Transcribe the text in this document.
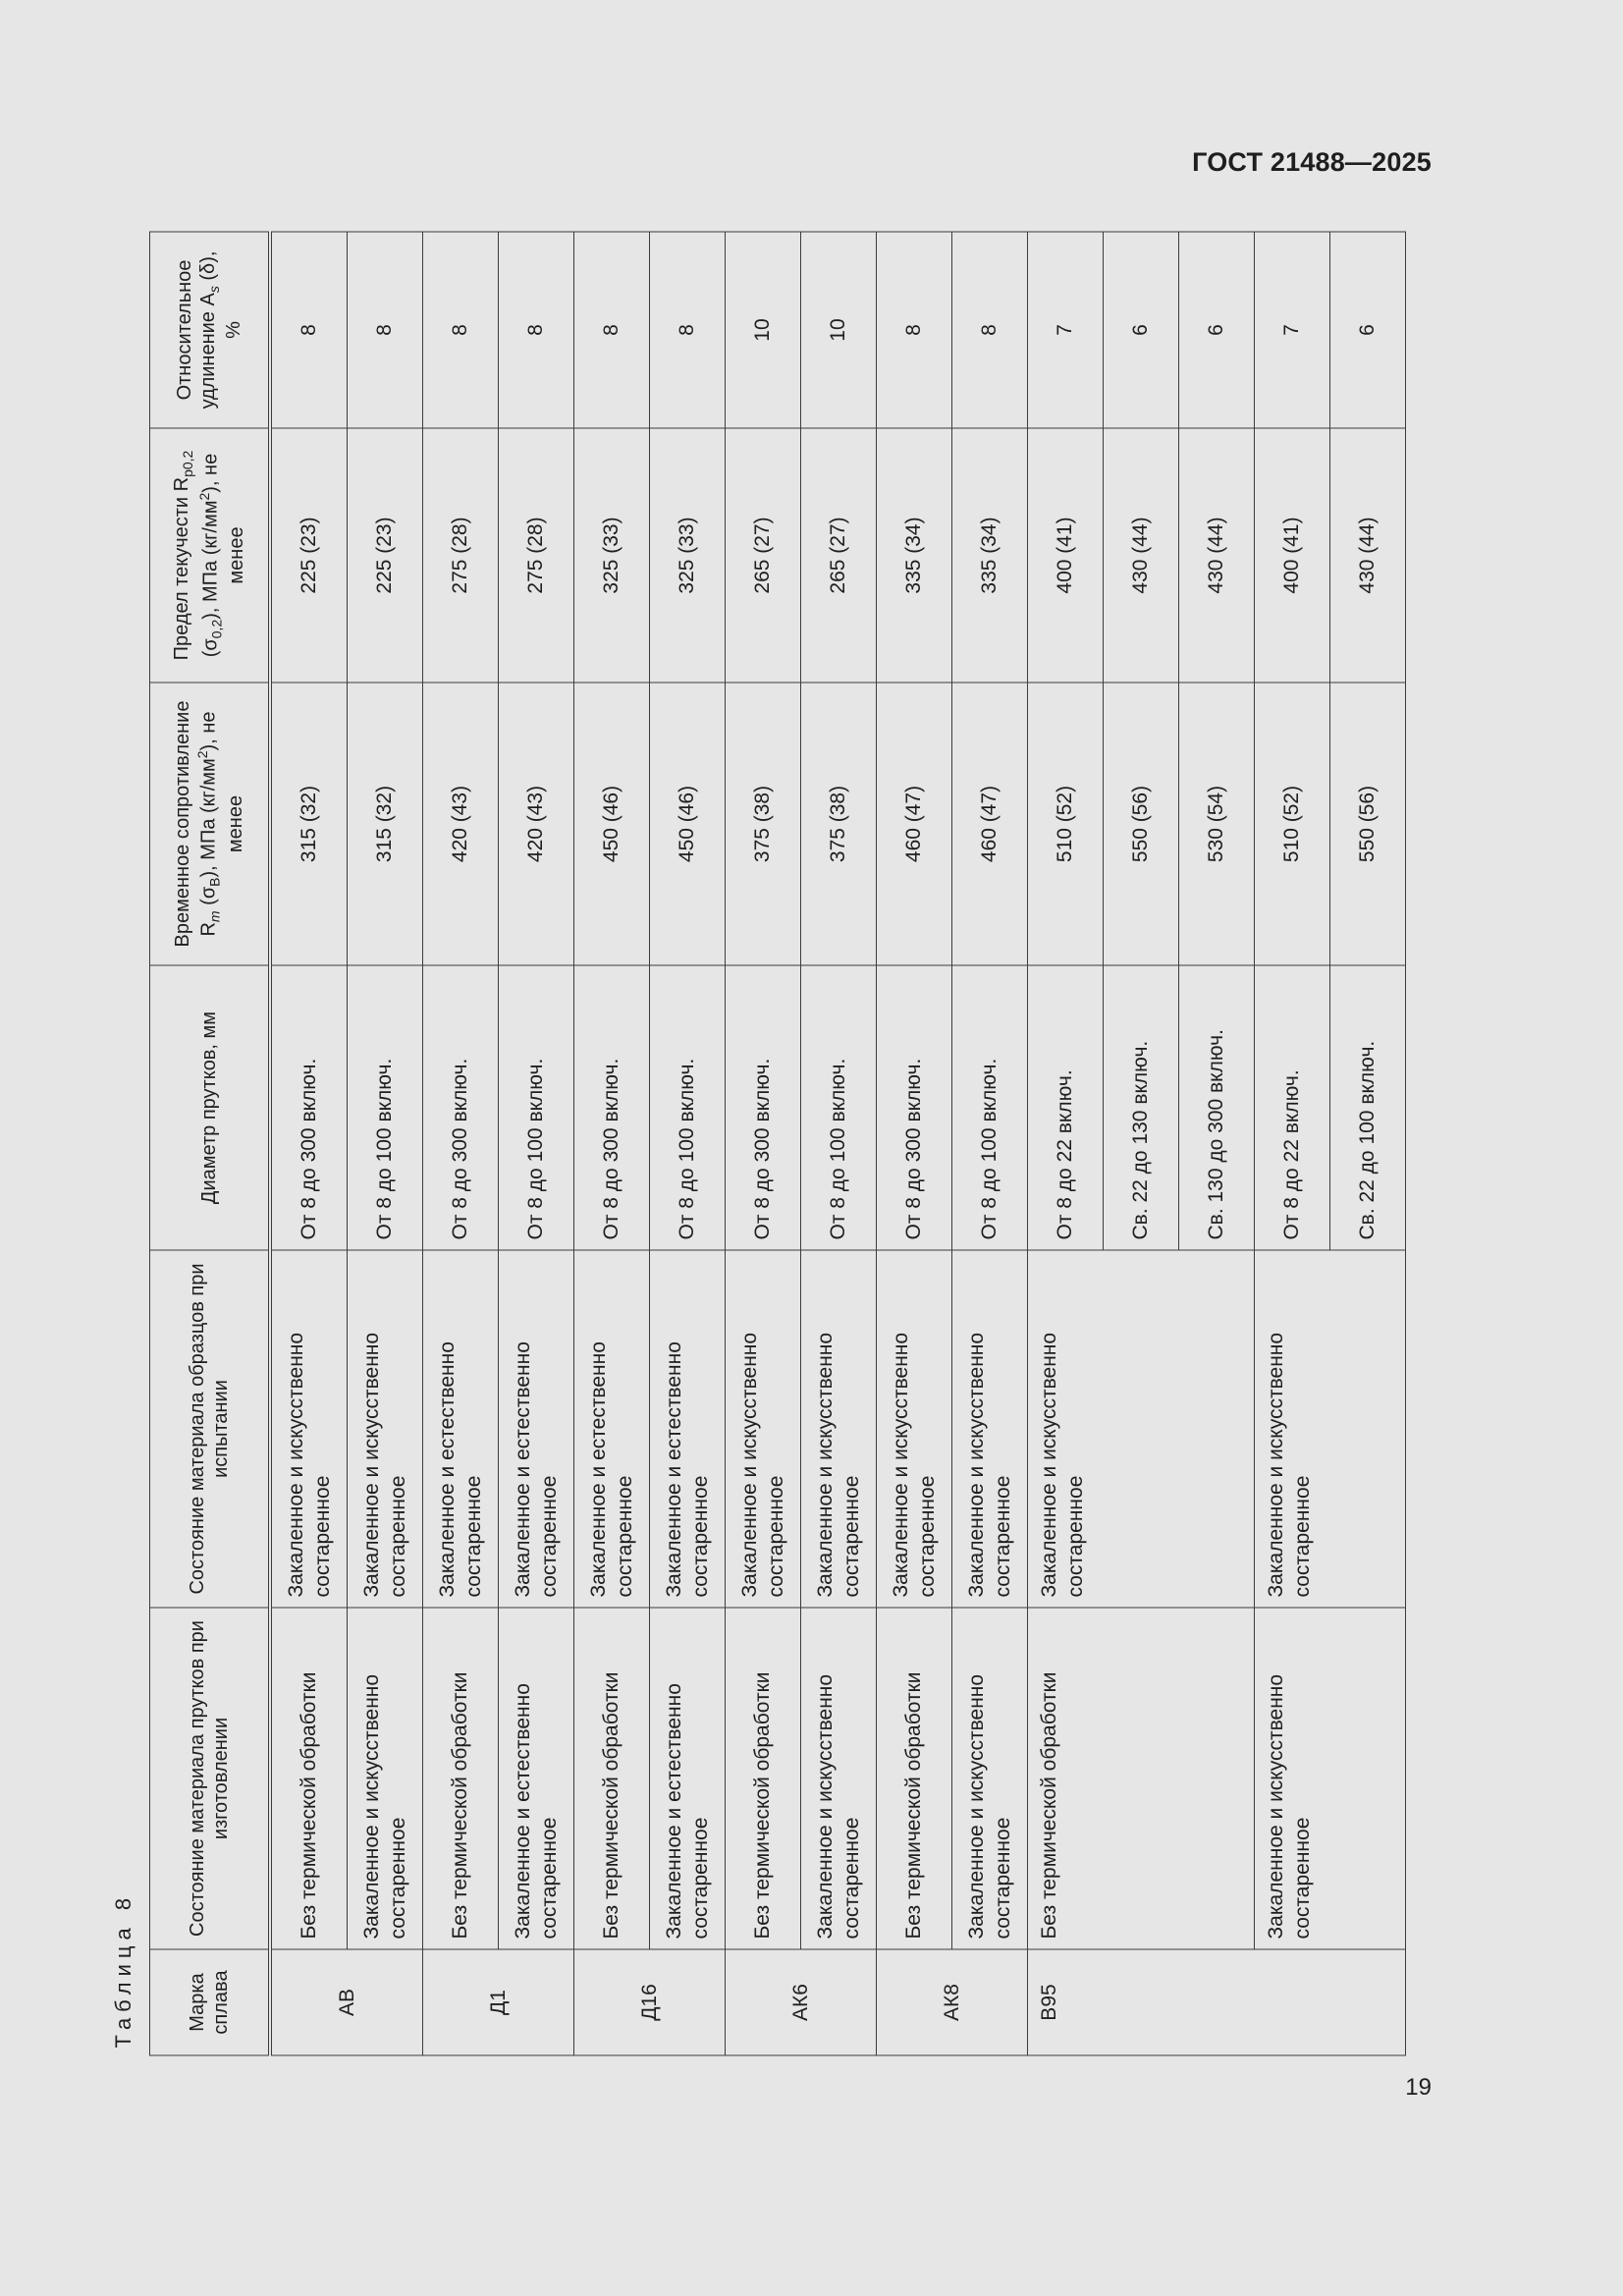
ГОСТ 21488—2025
Таблица 8	Марка сплава	Состояние материала прутков при изготовлении	Состояние материала образцов при испытании	Диаметр прутков, мм	Временное сопротивление $R_m$ $(\sigma_В)$, МПа $(кг/мм^2)$, не менее	Предел текучести $R_{p0,2}$ $(\sigma_{0,2})$, МПа $(кг/мм^2)$, не менее	Относительное удлинение $A_s$ (δ), %
АВ	Без термической обработки	Закаленное и искусственно состаренное	От 8 до 300 включ.	315 (32)	225 (23)	8
	Закаленное и искусственно состаренное	Закаленное и искусственно состаренное	От 8 до 100 включ.	315 (32)	225 (23)	8
Д1	Без термической обработки	Закаленное и естественно состаренное	От 8 до 300 включ.	420 (43)	275 (28)	8
	Закаленное и естественно состаренное	Закаленное и естественно состаренное	От 8 до 100 включ.	420 (43)	275 (28)	8
Д16	Без термической обработки	Закаленное и естественно состаренное	От 8 до 300 включ.	450 (46)	325 (33)	8
	Закаленное и естественно состаренное	Закаленное и естественно состаренное	От 8 до 100 включ.	450 (46)	325 (33)	8
АК6	Без термической обработки	Закаленное и искусственно состаренное	От 8 до 300 включ.	375 (38)	265 (27)	10
	Закаленное и искусственно состаренное	Закаленное и искусственно состаренное	От 8 до 100 включ.	375 (38)	265 (27)	10
АК8	Без термической обработки	Закаленное и искусственно состаренное	От 8 до 300 включ.	460 (47)	335 (34)	8
	Закаленное и искусственно состаренное	Закаленное и искусственно состаренное	От 8 до 100 включ.	460 (47)	335 (34)	8
В95	Без термической обработки	Закаленное и искусственно состаренное	От 8 до 22 включ.	510 (52)	400 (41)	7
			Св. 22 до 130 включ.	550 (56)	430 (44)	6
			Св. 130 до 300 включ.	530 (54)	430 (44)	6
	Закаленное и искусственно состаренное	Закаленное и искусственно состаренное	От 8 до 22 включ.	510 (52)	400 (41)	7
			Св. 22 до 100 включ.	550 (56)	430 (44)	6
19
